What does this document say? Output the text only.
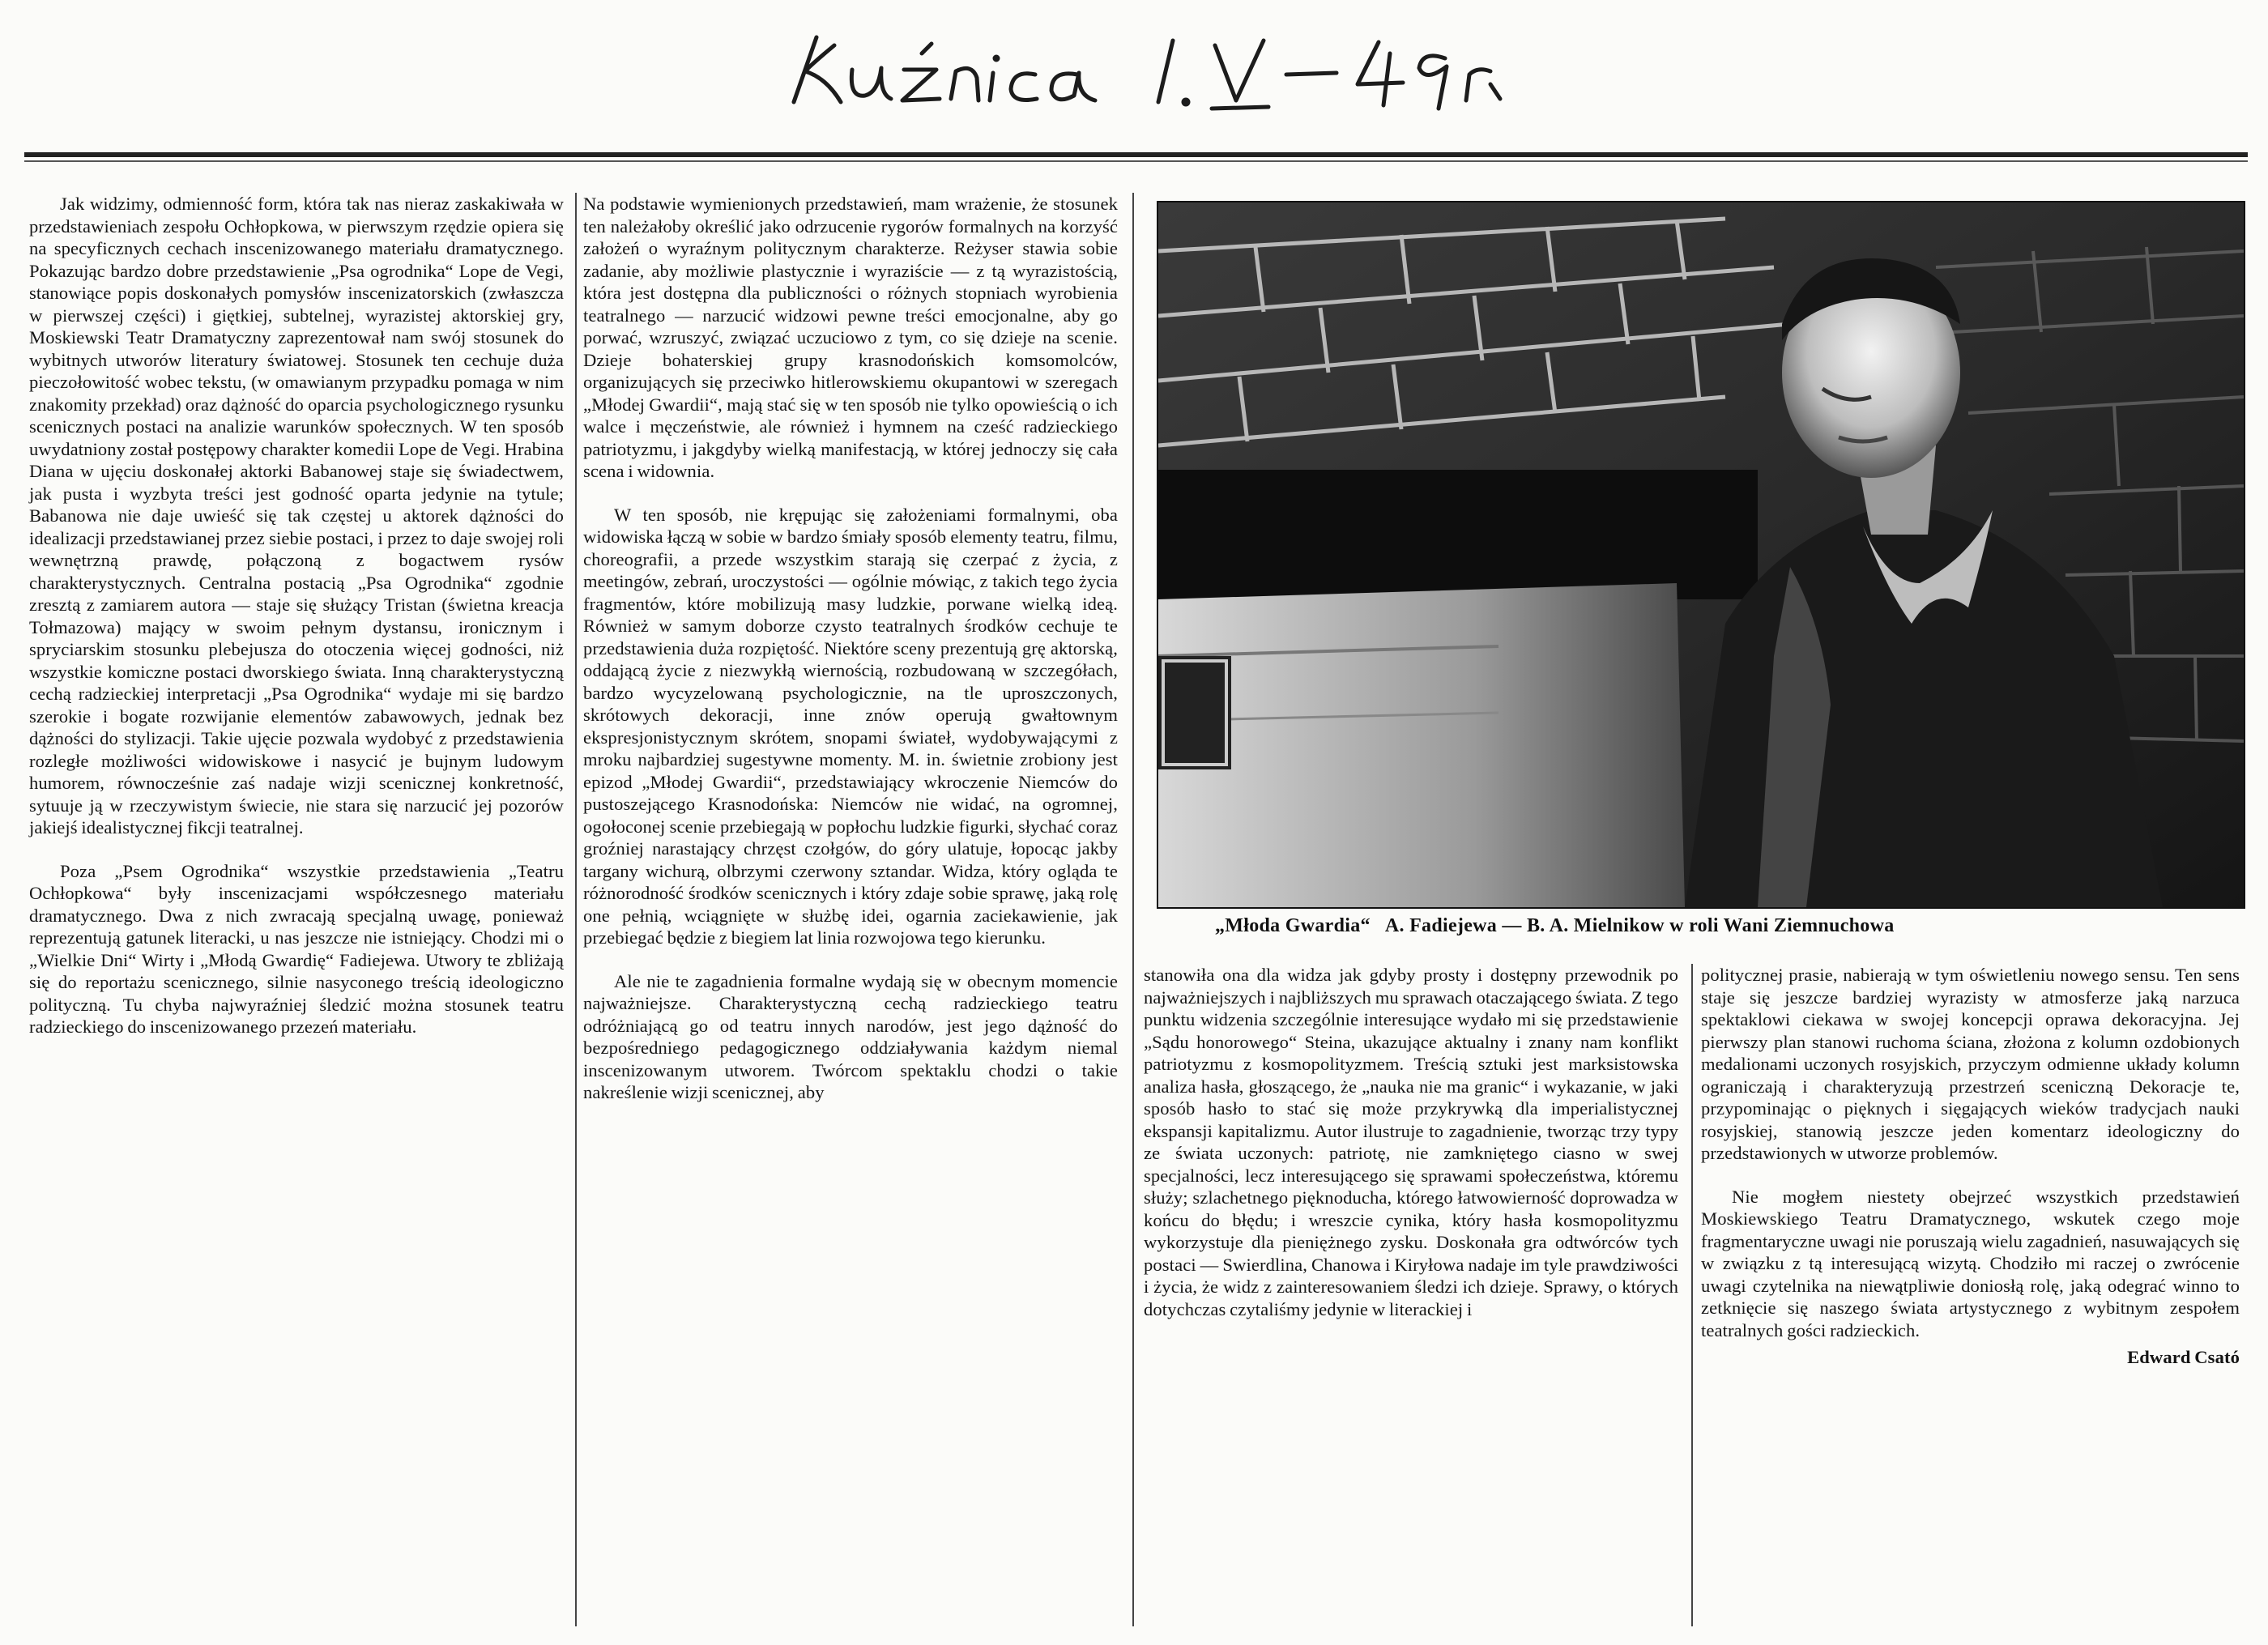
Jak widzimy, odmienność form, która tak nas nieraz zaskakiwała w przedstawieniach zespołu Ochłopkowa, w pierwszym rzędzie opiera się na specyficznych cechach inscenizowanego materiału dramatycznego. Pokazując bardzo dobre przedstawienie „Psa ogrodnika“ Lope de Vegi, stanowiące popis doskonałych pomysłów inscenizatorskich (zwłaszcza w pierwszej części) i giętkiej, subtelnej, wyrazistej aktorskiej gry, Moskiewski Teatr Dramatyczny zaprezentował nam swój stosunek do wybitnych utworów literatury światowej. Stosunek ten cechuje duża pieczołowitość wobec tekstu, (w omawianym przypadku pomaga w nim znakomity przekład) oraz dążność do oparcia psychologicznego rysunku scenicznych postaci na analizie warunków społecznych. W ten sposób uwydatniony został postępowy charakter komedii Lope de Vegi. Hrabina Diana w ujęciu doskonałej aktorki Babanowej staje się świadectwem, jak pusta i wyzbyta treści jest godność oparta jedynie na tytule; Babanowa nie daje uwieść się tak częstej u aktorek dążności do idealizacji przedstawianej przez siebie postaci, i przez to daje swojej roli wewnętrzną prawdę, połączoną z bogactwem rysów charakterystycznych. Centralna postacią „Psa Ogrodnika“ zgodnie zresztą z zamiarem autora — staje się służący Tristan (świetna kreacja Tołmazowa) mający w swoim pełnym dystansu, ironicznym i spryciarskim stosunku plebejusza do otoczenia więcej godności, niż wszystkie komiczne postaci dworskiego świata. Inną charakterystyczną cechą radzieckiej interpretacji „Psa Ogrodnika“ wydaje mi się bardzo szerokie i bogate rozwijanie elementów zabawowych, jednak bez dążności do stylizacji. Takie ujęcie pozwala wydobyć z przedstawienia rozległe możliwości widowiskowe i nasycić je bujnym ludowym humorem, równocześnie zaś nadaje wizji scenicznej konkretność, sytuuje ją w rzeczywistym świecie, nie stara się narzucić jej pozorów jakiejś idealistycznej fikcji teatralnej.

Poza „Psem Ogrodnika“ wszystkie przedstawienia „Teatru Ochłopkowa“ były inscenizacjami współczesnego materiału dramatycznego. Dwa z nich zwracają specjalną uwagę, ponieważ reprezentują gatunek literacki, u nas jeszcze nie istniejący. Chodzi mi o „Wielkie Dni“ Wirty i „Młodą Gwardię“ Fadiejewa. Utwory te zbliżają się do reportażu scenicznego, silnie nasyconego treścią ideologiczno polityczną. Tu chyba najwyraźniej śledzić można stosunek teatru radzieckiego do inscenizowanego przezeń materiału.

Na podstawie wymienionych przedstawień, mam wrażenie, że stosunek ten należałoby określić jako odrzucenie rygorów formalnych na korzyść założeń o wyraźnym politycznym charakterze. Reżyser stawia sobie zadanie, aby możliwie plastycznie i wyraziście — z tą wyrazistością, która jest dostępna dla publiczności o różnych stopniach wyrobienia teatralnego — narzucić widzowi pewne treści emocjonalne, aby go porwać, wzruszyć, związać uczuciowo z tym, co się dzieje na scenie. Dzieje bohaterskiej grupy krasnodońskich komsomolców, organizujących się przeciwko hitlerowskiemu okupantowi w szeregach „Młodej Gwardii“, mają stać się w ten sposób nie tylko opowieścią o ich walce i męczeństwie, ale również i hymnem na cześć radzieckiego patriotyzmu, i jakgdyby wielką manifestacją, w której jednoczy się cała scena i widownia.

W ten sposób, nie krępując się założeniami formalnymi, oba widowiska łączą w sobie w bardzo śmiały sposób elementy teatru, filmu, choreografii, a przede wszystkim starają się czerpać z życia, z meetingów, zebrań, uroczystości — ogólnie mówiąc, z takich tego życia fragmentów, które mobilizują masy ludzkie, porwane wielką ideą. Również w samym doborze czysto teatralnych środków cechuje te przedstawienia duża rozpiętość. Niektóre sceny prezentują grę aktorską, oddającą życie z niezwykłą wiernością, rozbudowaną w szczegółach, bardzo wycyzelowaną psychologicznie, na tle uproszczonych, skrótowych dekoracji, inne znów operują gwałtownym ekspresjonistycznym skrótem, snopami świateł, wydobywającymi z mroku najbardziej sugestywne momenty. M. in. świetnie zrobiony jest epizod „Młodej Gwardii“, przedstawiający wkroczenie Niemców do pustoszejącego Krasnodońska: Niemców nie widać, na ogromnej, ogołoconej scenie przebiegają w popłochu ludzkie figurki, słychać coraz groźniej narastający chrzęst czołgów, do góry ulatuje, łopocąc jakby targany wichurą, olbrzymi czerwony sztandar. Widza, który ogląda te różnorodność środków scenicznych i który zdaje sobie sprawę, jaką rolę one pełnią, wciągnięte w służbę idei, ogarnia zaciekawienie, jak przebiegać będzie z biegiem lat linia rozwojowa tego kierunku.

Ale nie te zagadnienia formalne wydają się w obecnym momencie najważniejsze. Charakterystyczną cechą radzieckiego teatru odróżniającą go od teatru innych narodów, jest jego dążność do bezpośredniego pedagogicznego oddziaływania każdym niemal inscenizowanym utworem. Twórcom spektaklu chodzi o takie nakreślenie wizji scenicznej, aby

„Młoda Gwardia“ A. Fadiejewa — B. A. Mielnikow w roli Wani Ziemnuchowa

stanowiła ona dla widza jak gdyby prosty i dostępny przewodnik po najważniejszych i najbliższych mu sprawach otaczającego świata. Z tego punktu widzenia szczególnie interesujące wydało mi się przedstawienie „Sądu honorowego“ Steina, ukazujące aktualny i znany nam konflikt patriotyzmu z kosmopolityzmem. Treścią sztuki jest marksistowska analiza hasła, głoszącego, że „nauka nie ma granic“ i wykazanie, w jaki sposób hasło to stać się może przykrywką dla imperialistycznej ekspansji kapitalizmu. Autor ilustruje to zagadnienie, tworząc trzy typy ze świata uczonych: patriotę, nie zamkniętego ciasno w swej specjalności, lecz interesującego się sprawami społeczeństwa, któremu służy; szlachetnego pięknoducha, którego łatwowierność doprowadza w końcu do błędu; i wreszcie cynika, który hasła kosmopolityzmu wykorzystuje dla pieniężnego zysku. Doskonała gra odtwórców tych postaci — Swierdlina, Chanowa i Kiryłowa nadaje im tyle prawdziwości i życia, że widz z zainteresowaniem śledzi ich dzieje. Sprawy, o których dotychczas czytaliśmy jedynie w literackiej i

politycznej prasie, nabierają w tym oświetleniu nowego sensu. Ten sens staje się jeszcze bardziej wyrazisty w atmosferze jaką narzuca spektaklowi ciekawa w swojej koncepcji oprawa dekoracyjna. Jej pierwszy plan stanowi ruchoma ściana, złożona z kolumn ozdobionych medalionami uczonych rosyjskich, przyczym odmienne układy kolumn ograniczają i charakteryzują przestrzeń sceniczną Dekoracje te, przypominając o pięknych i sięgających wieków tradycjach nauki rosyjskiej, stanowią jeszcze jeden komentarz ideologiczny do przedstawionych w utworze problemów.

Nie mogłem niestety obejrzeć wszystkich przedstawień Moskiewskiego Teatru Dramatycznego, wskutek czego moje fragmentaryczne uwagi nie poruszają wielu zagadnień, nasuwających się w związku z tą interesującą wizytą. Chodziło mi raczej o zwrócenie uwagi czytelnika na niewątpliwie doniosłą rolę, jaką odegrać winno to zetknięcie się naszego świata artystycznego z wybitnym zespołem teatralnych gości radzieckich.

Edward Csató
